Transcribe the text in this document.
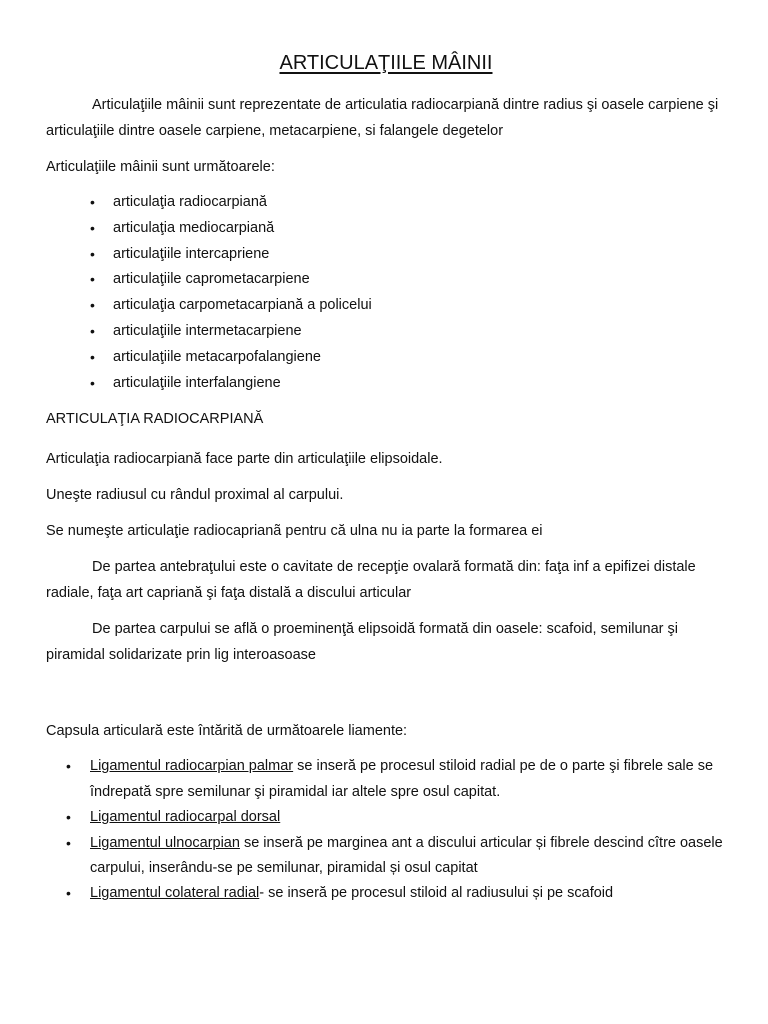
ARTICULAŢIILE MÂINII

Articulaţiile mâinii sunt reprezentate de articulatia radiocarpiană dintre radius şi oasele carpiene şi articulaţiile dintre oasele carpiene, metacarpiene, si falangele degetelor

Articulaţiile mâinii sunt următoarele:

•	articulaţia radiocarpiană
•	articulaţia mediocarpiană
•	articulaţiile intercapriene
•	articulaţiile caprometacarpiene
•	articulaţia carpometacarpiană a policelui
•	articulaţiile intermetacarpiene
•	articulaţiile metacarpofalangiene
•	articulaţiile interfalangiene

ARTICULAŢIA RADIOCARPIANĂ

Articulaţia radiocarpiană face parte din articulaţiile elipsoidale.

Uneşte radiusul cu rândul proximal al carpului.

Se numeşte articulaţie radiocaprianã pentru că ulna nu ia parte la formarea ei

De partea antebraţului este o cavitate de recepţie ovalară formată din: faţa inf a epifizei distale radiale, faţa art capriană şi faţa distală a discului articular

De partea carpului se află o proeminenţă elipsoidă formată din oasele: scafoid, semilunar şi piramidal solidarizate prin lig interoasoase

Capsula articulară este întărită de următoarele liamente:

• Ligamentul radiocarpian palmar se inseră pe procesul stiloid radial pe de o parte şi fibrele sale se îndrepată spre semilunar şi piramidal iar altele spre osul capitat.
• Ligamentul radiocarpal dorsal
• Ligamentul ulnocarpian se inseră pe marginea ant a discului articular și fibrele descind cître oasele carpului, inserându-se pe semilunar, piramidal și osul capitat
• Ligamentul colateral radial- se inseră pe procesul stiloid al radiusului și pe scafoid
